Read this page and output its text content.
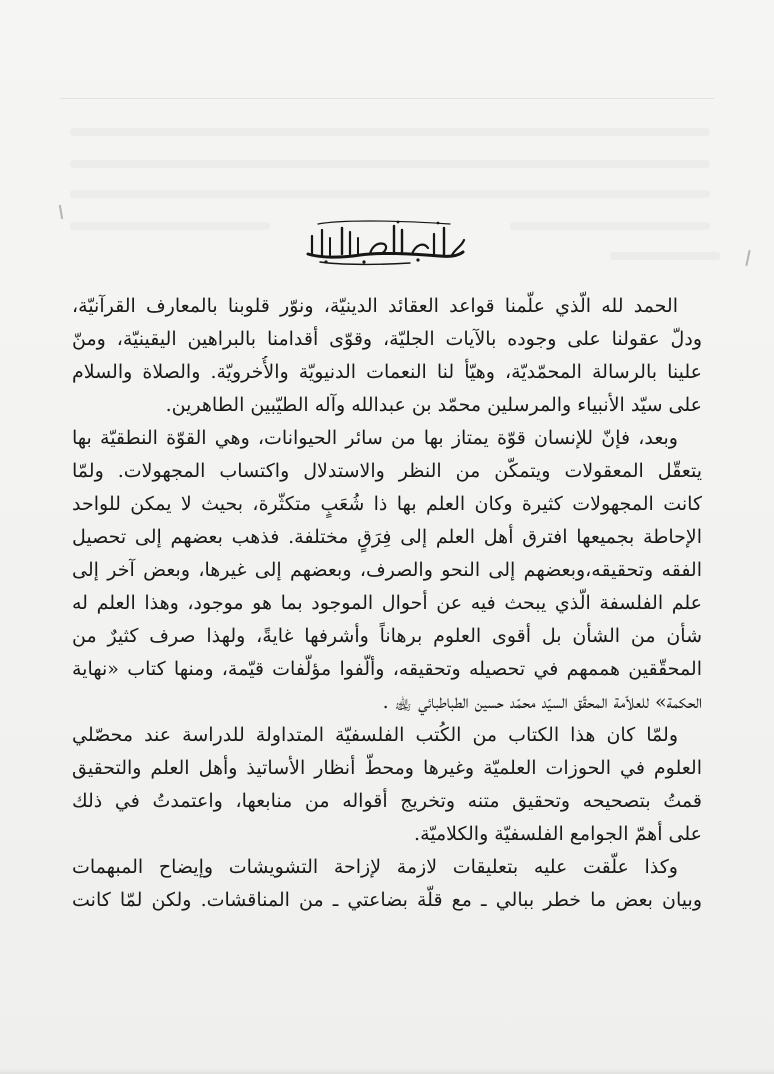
الحمد لله الّذي علّمنا قواعد العقائد الدينيّة، ونوّر قلوبنا بالمعارف القرآنيّة،
ودلّ عقولنا على وجوده بالآيات الجليّة، وقوّى أقدامنا بالبراهين اليقينيّة، ومنّ
علينا بالرسالة المحمّديّة، وهيّأ لنا النعمات الدنيويّة والأُخرويّة. والصلاة والسلام
على سيّد الأنبياء والمرسلين محمّد بن عبدالله وآله الطيّبين الطاهرين.
وبعد، فإنّ للإنسان قوّة يمتاز بها من سائر الحيوانات، وهي القوّة النطقيّة بها
يتعقّل المعقولات ويتمكّن من النظر والاستدلال واكتساب المجهولات. ولمّا
كانت المجهولات كثيرة وكان العلم بها ذا شُعَبٍ متكثّرة، بحيث لا يمكن للواحد
الإحاطة بجميعها افترق أهل العلم إلى فِرَقٍ مختلفة. فذهب بعضهم إلى تحصيل
الفقه وتحقيقه،وبعضهم إلى النحو والصرف، وبعضهم إلى غيرها، وبعض آخر إلى
علم الفلسفة الّذي يبحث فيه عن أحوال الموجود بما هو موجود، وهذا العلم له
شأن من الشأن بل أقوى العلوم برهاناً وأشرفها غايةً، ولهذا صرف كثيرٌ من
المحقّقين هممهم في تحصيله وتحقيقه، وألّفوا مؤلّفات قيّمة، ومنها كتاب «نهاية
الحكمة» للعلاّمة المحقّق السيّد محمّد حسين الطباطبائي ﵀ .
ولمّا كان هذا الكتاب من الكُتب الفلسفيّة المتداولة للدراسة عند محصّلي
العلوم في الحوزات العلميّة وغيرها ومحطّ أنظار الأساتيذ وأهل العلم والتحقيق
قمتُ بتصحيحه وتحقيق متنه وتخريج أقواله من منابعها، واعتمدتُ في ذلك
على أهمّ الجوامع الفلسفيّة والكلاميّة.
وكذا علّقت عليه بتعليقات لازمة لإزاحة التشويشات وإيضاح المبهمات
وبيان بعض ما خطر ببالي ـ مع قلّة بضاعتي ـ من المناقشات. ولكن لمّا كانت
